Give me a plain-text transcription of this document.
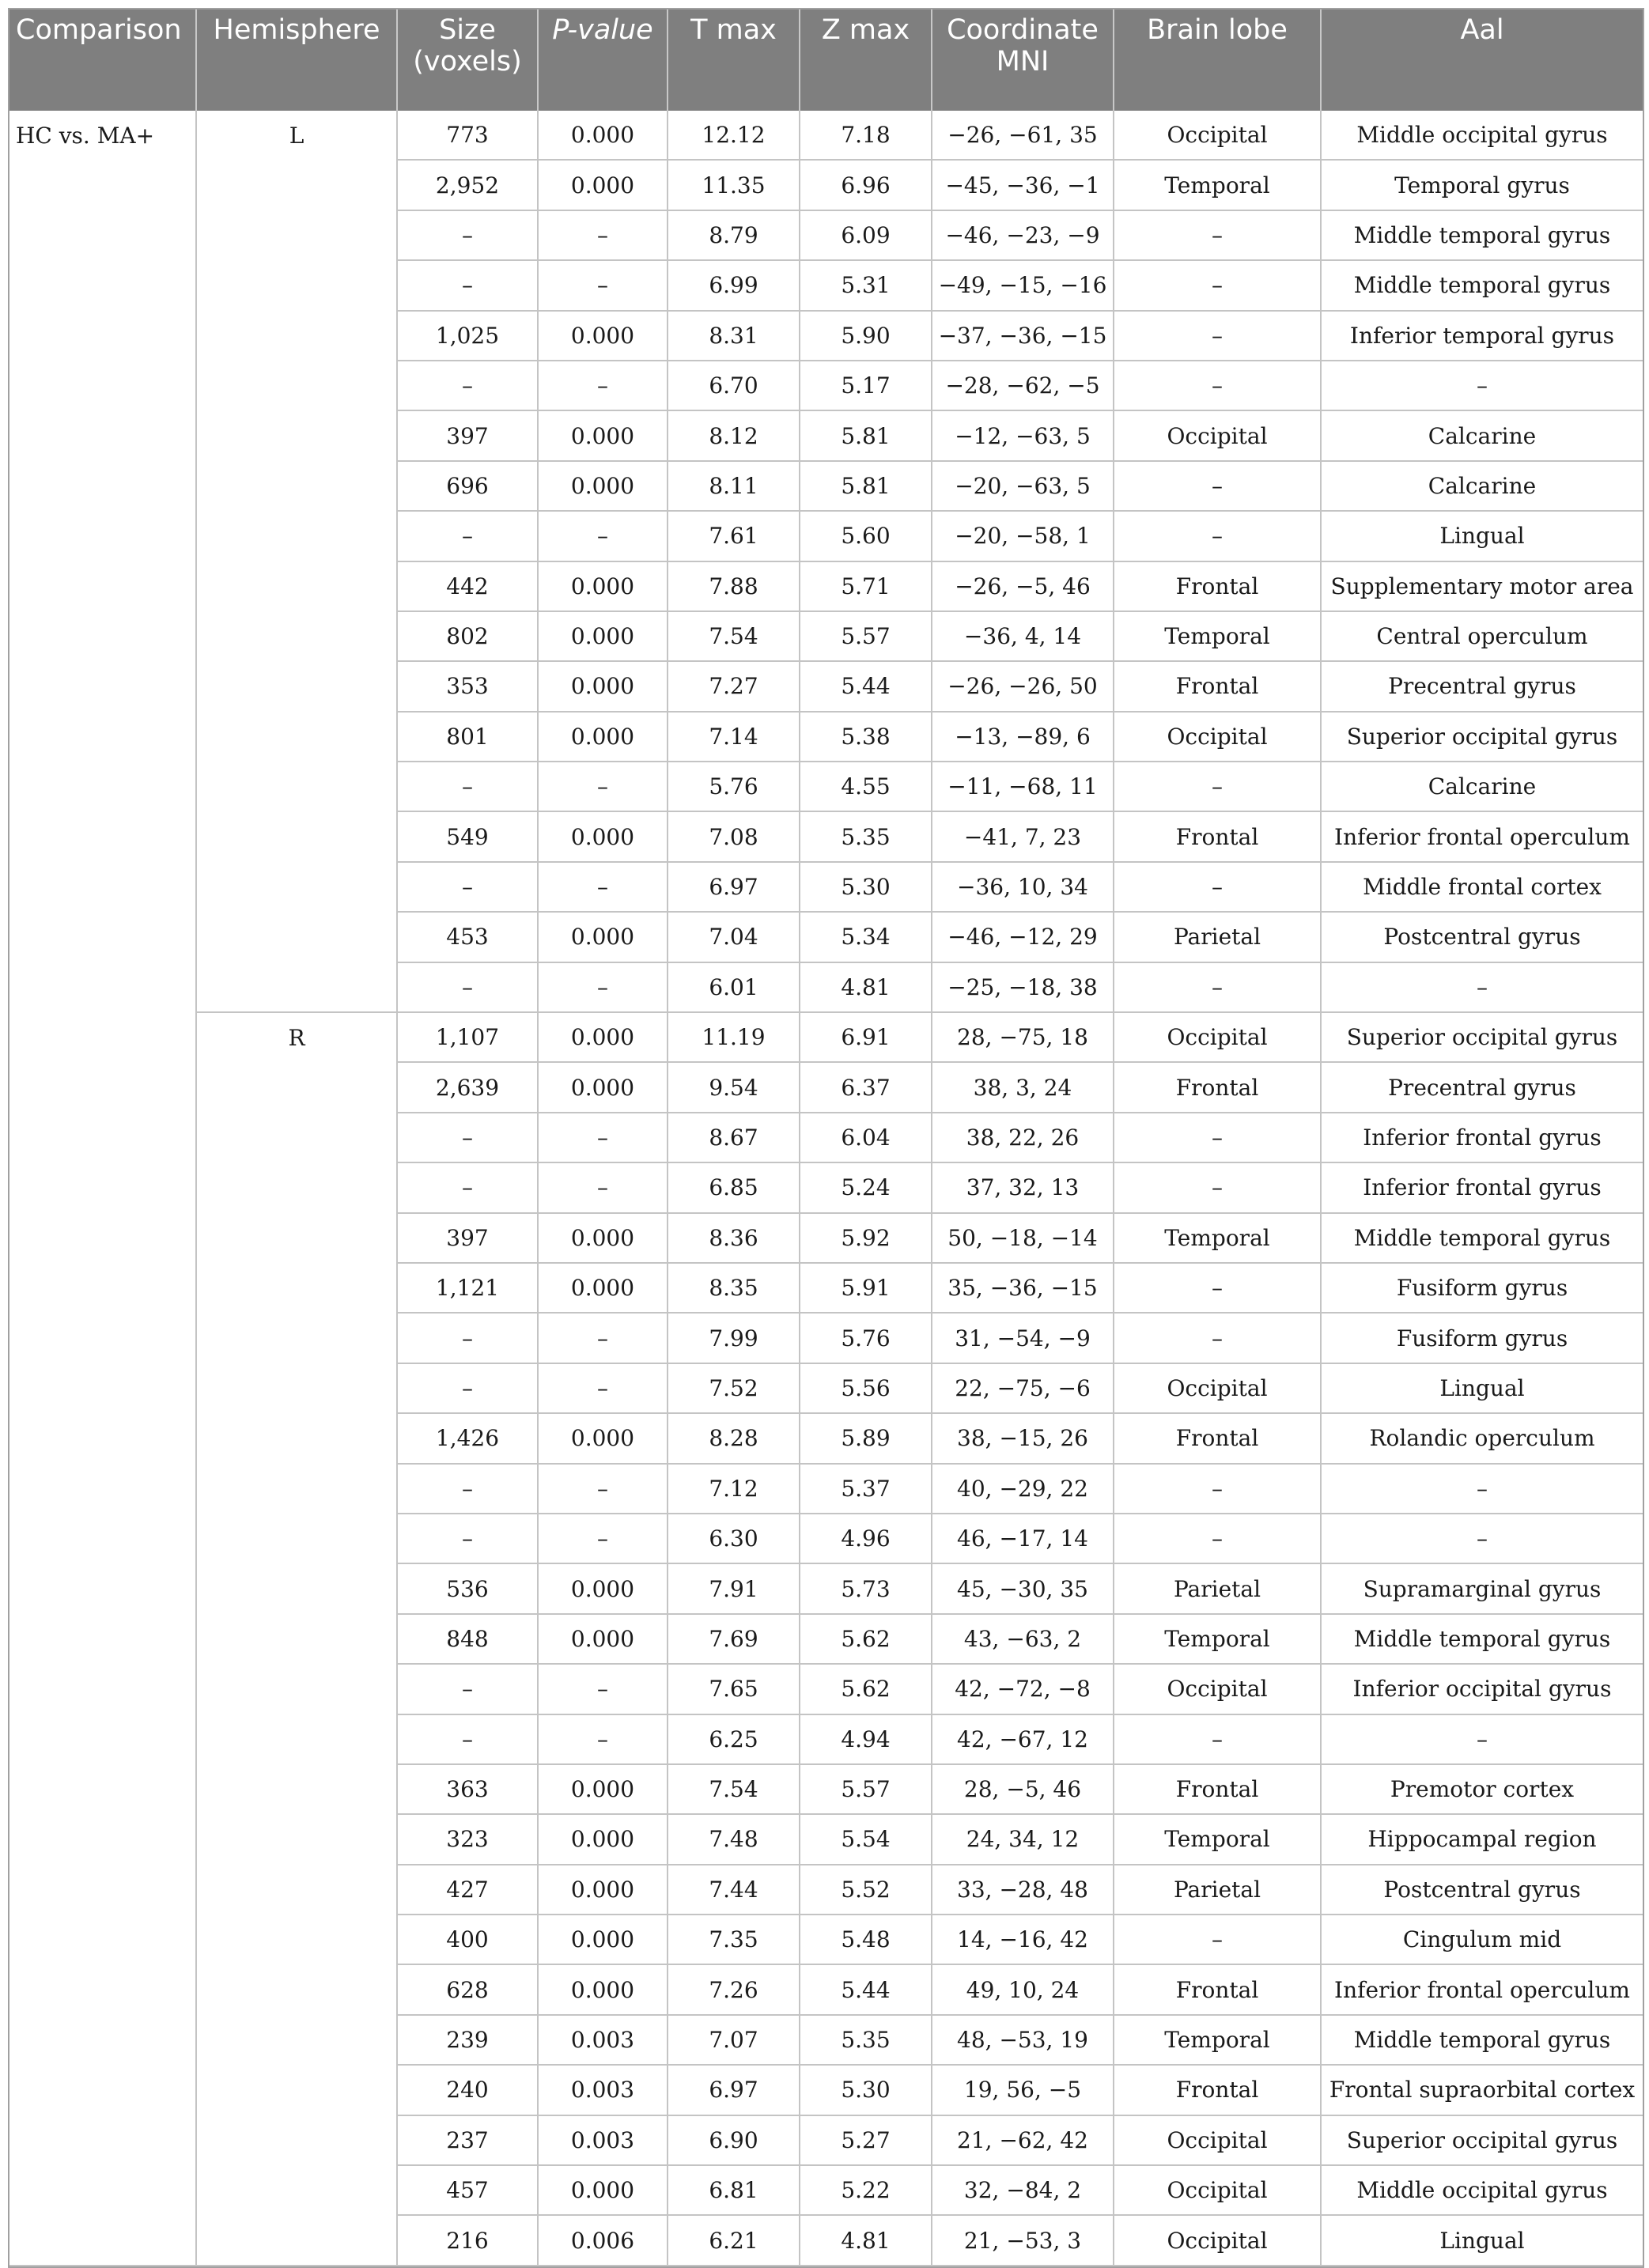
Comparison	Hemisphere	Size (voxels)	P-value	T max	Z max	Coordinate MNI	Brain lobe	Aal
HC vs. MA+	L	773	0.000	12.12	7.18	−26, −61, 35	Occipital	Middle occipital gyrus
		2,952	0.000	11.35	6.96	−45, −36, −1	Temporal	Temporal gyrus
		–	–	8.79	6.09	−46, −23, −9	–	Middle temporal gyrus
		–	–	6.99	5.31	−49, −15, −16	–	Middle temporal gyrus
		1,025	0.000	8.31	5.90	−37, −36, −15	–	Inferior temporal gyrus
		–	–	6.70	5.17	−28, −62, −5	–	–
		397	0.000	8.12	5.81	−12, −63, 5	Occipital	Calcarine
		696	0.000	8.11	5.81	−20, −63, 5	–	Calcarine
		–	–	7.61	5.60	−20, −58, 1	–	Lingual
		442	0.000	7.88	5.71	−26, −5, 46	Frontal	Supplementary motor area
		802	0.000	7.54	5.57	−36, 4, 14	Temporal	Central operculum
		353	0.000	7.27	5.44	−26, −26, 50	Frontal	Precentral gyrus
		801	0.000	7.14	5.38	−13, −89, 6	Occipital	Superior occipital gyrus
		–	–	5.76	4.55	−11, −68, 11	–	Calcarine
		549	0.000	7.08	5.35	−41, 7, 23	Frontal	Inferior frontal operculum
		–	–	6.97	5.30	−36, 10, 34	–	Middle frontal cortex
		453	0.000	7.04	5.34	−46, −12, 29	Parietal	Postcentral gyrus
		–	–	6.01	4.81	−25, −18, 38	–	–
	R	1,107	0.000	11.19	6.91	28, −75, 18	Occipital	Superior occipital gyrus
		2,639	0.000	9.54	6.37	38, 3, 24	Frontal	Precentral gyrus
		–	–	8.67	6.04	38, 22, 26	–	Inferior frontal gyrus
		–	–	6.85	5.24	37, 32, 13	–	Inferior frontal gyrus
		397	0.000	8.36	5.92	50, −18, −14	Temporal	Middle temporal gyrus
		1,121	0.000	8.35	5.91	35, −36, −15	–	Fusiform gyrus
		–	–	7.99	5.76	31, −54, −9	–	Fusiform gyrus
		–	–	7.52	5.56	22, −75, −6	Occipital	Lingual
		1,426	0.000	8.28	5.89	38, −15, 26	Frontal	Rolandic operculum
		–	–	7.12	5.37	40, −29, 22	–	–
		–	–	6.30	4.96	46, −17, 14	–	–
		536	0.000	7.91	5.73	45, −30, 35	Parietal	Supramarginal gyrus
		848	0.000	7.69	5.62	43, −63, 2	Temporal	Middle temporal gyrus
		–	–	7.65	5.62	42, −72, −8	Occipital	Inferior occipital gyrus
		–	–	6.25	4.94	42, −67, 12	–	–
		363	0.000	7.54	5.57	28, −5, 46	Frontal	Premotor cortex
		323	0.000	7.48	5.54	24, 34, 12	Temporal	Hippocampal region
		427	0.000	7.44	5.52	33, −28, 48	Parietal	Postcentral gyrus
		400	0.000	7.35	5.48	14, −16, 42	–	Cingulum mid
		628	0.000	7.26	5.44	49, 10, 24	Frontal	Inferior frontal operculum
		239	0.003	7.07	5.35	48, −53, 19	Temporal	Middle temporal gyrus
		240	0.003	6.97	5.30	19, 56, −5	Frontal	Frontal supraorbital cortex
		237	0.003	6.90	5.27	21, −62, 42	Occipital	Superior occipital gyrus
		457	0.000	6.81	5.22	32, −84, 2	Occipital	Middle occipital gyrus
		216	0.006	6.21	4.81	21, −53, 3	Occipital	Lingual
